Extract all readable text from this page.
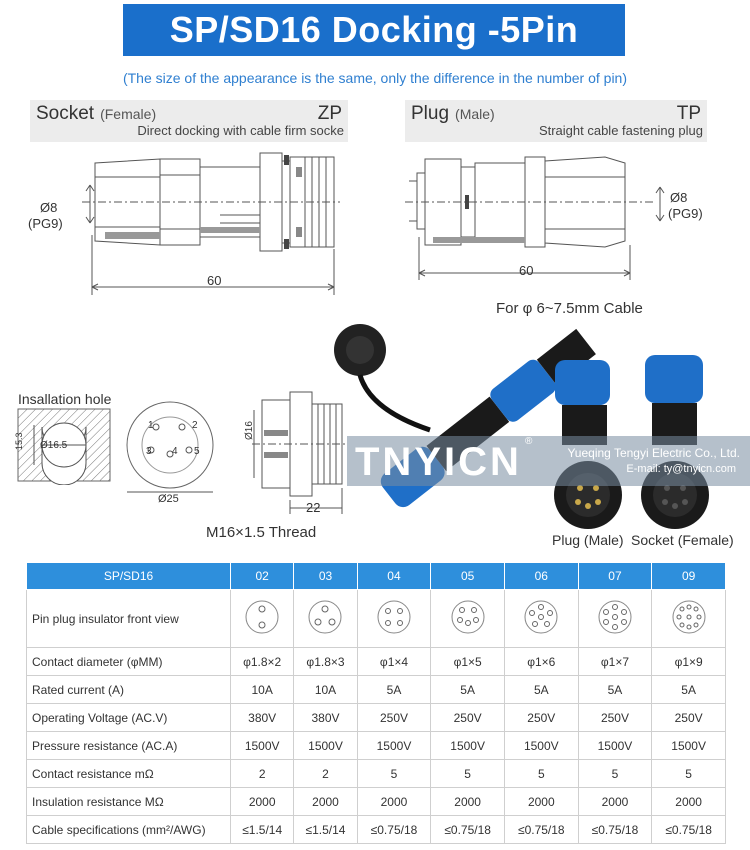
SP/SD16 Docking -5Pin
(The size of the appearance is the same, only the difference in the number of pin)
Socket (Female)	ZP
Direct docking with cable firm socke
Plug (Male)	TP
Straight cable fastening plug
Ø8
(PG9)
60
Ø8
(PG9)
60
For φ 6~7.5mm Cable
Insallation hole
Ø16.5
15.3
1	2
3 4 5
Ø25
Ø16
22
M16×1.5 Thread
TNYICN ®
Yueqing Tengyi Electric Co., Ltd.
E-mail: ty@tnyicn.com
Plug (Male) Socket (Female)
SP/SD16	02	03	04	05	06	07	09
Pin plug insulator front view							
Contact diameter (φMM)	φ1.8×2	φ1.8×3	φ1×4	φ1×5	φ1×6	φ1×7	φ1×9
Rated current (A)	10A	10A	5A	5A	5A	5A	5A
Operating Voltage (AC.V)	380V	380V	250V	250V	250V	250V	250V
Pressure resistance (AC.A)	1500V	1500V	1500V	1500V	1500V	1500V	1500V
Contact resistance mΩ	2	2	5	5	5	5	5
Insulation resistance MΩ	2000	2000	2000	2000	2000	2000	2000
Cable specifications (mm²/AWG)	≤1.5/14	≤1.5/14	≤0.75/18	≤0.75/18	≤0.75/18	≤0.75/18	≤0.75/18
